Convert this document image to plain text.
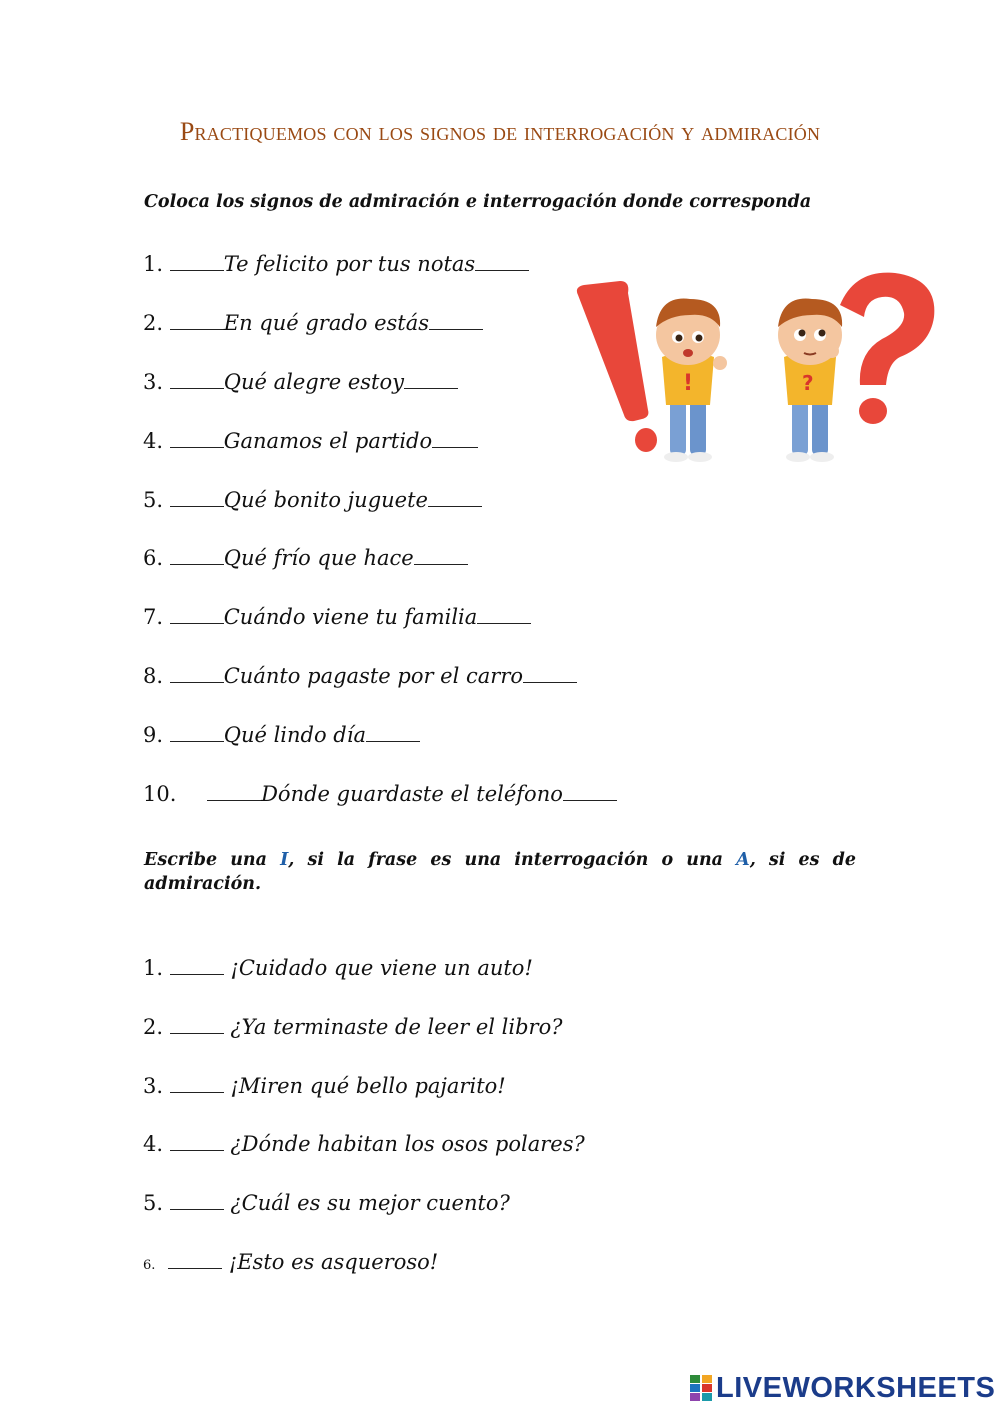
Practiquemos con los signos de interrogación y admiración
Coloca los signos de admiración e interrogación donde corresponda
1.	Te felicito por tus notas
2.	En qué grado estás
3.	Qué alegre estoy
4.	Ganamos el partido
5.	Qué bonito juguete
6.	Qué frío que hace
7.	Cuándo viene tu familia
8.	Cuánto pagaste por el carro
9.	Qué lindo día
10.	Dónde guardaste el teléfono
!	?
Escribe una I, si la frase es una interrogación o una A, si es de admiración.
1.	¡Cuidado que viene un auto!
2.	¿Ya terminaste de leer el libro?
3.	¡Miren qué bello pajarito!
4.	¿Dónde habitan los osos polares?
5.	¿Cuál es su mejor cuento?
6.	¡Esto es asqueroso!
LIVEWORKSHEETS
